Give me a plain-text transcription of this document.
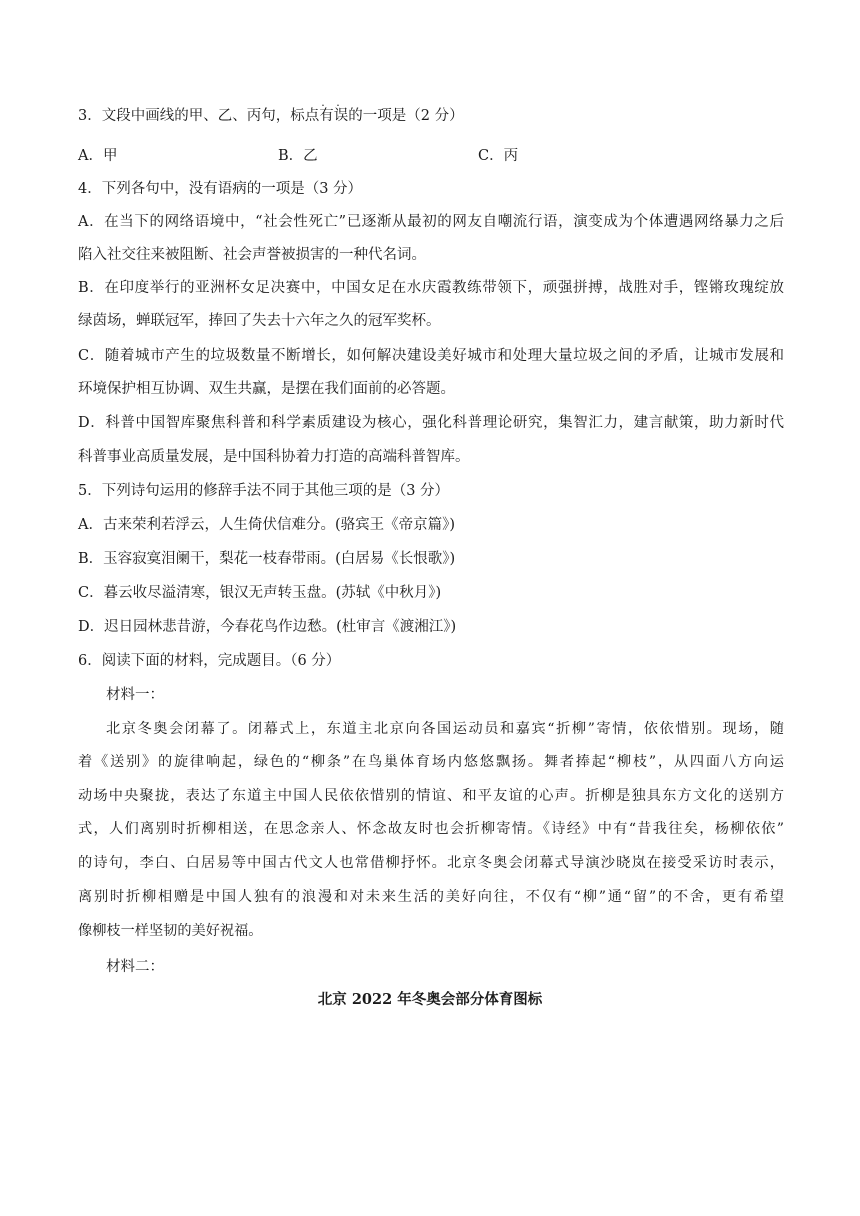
3．文段中画线的甲、乙、丙句，标点· · 有误的一项是（2 分）
A．甲	B．乙	C．丙
4．下列各句中，没有语病的一项是（3 分）
A．在当下的网络语境中，“社会性死亡”已逐渐从最初的网友自嘲流行语，演变成为个体遭遇网络暴力之后
陷入社交往来被阻断、社会声誉被损害的一种代名词。
B．在印度举行的亚洲杯女足决赛中，中国女足在水庆霞教练带领下，顽强拼搏，战胜对手，铿锵玫瑰绽放
绿茵场，蝉联冠军，捧回了失去十六年之久的冠军奖杯。
C．随着城市产生的垃圾数量不断增长，如何解决建设美好城市和处理大量垃圾之间的矛盾，让城市发展和
环境保护相互协调、双生共赢，是摆在我们面前的必答题。
D．科普中国智库聚焦科普和科学素质建设为核心，强化科普理论研究，集智汇力，建言献策，助力新时代
科普事业高质量发展，是中国科协着力打造的高端科普智库。
5．下列诗句运用的修辞手法不同于其他三项的是（3 分）
A．古来荣利若浮云，人生倚伏信难分。(骆宾王《帝京篇》)
B．玉容寂寞泪阑干，梨花一枝春带雨。(白居易《长恨歌》)
C．暮云收尽溢清寒，银汉无声转玉盘。(苏轼《中秋月》)
D．迟日园林悲昔游，今春花鸟作边愁。(杜审言《渡湘江》)
6．阅读下面的材料，完成题目。（6 分）
材料一：
北京冬奥会闭幕了。闭幕式上，东道主北京向各国运动员和嘉宾“折柳”寄情，依依惜别。现场，随
着《送别》的旋律响起，绿色的“柳条”在鸟巢体育场内悠悠飘扬。舞者捧起“柳枝”，从四面八方向运
动场中央聚拢，表达了东道主中国人民依依惜别的情谊、和平友谊的心声。折柳是独具东方文化的送别方
式，人们离别时折柳相送，在思念亲人、怀念故友时也会折柳寄情。《诗经》中有“昔我往矣，杨柳依依”
的诗句，李白、白居易等中国古代文人也常借柳抒怀。北京冬奥会闭幕式导演沙晓岚在接受采访时表示，
离别时折柳相赠是中国人独有的浪漫和对未来生活的美好向往，不仅有“柳”通“留”的不舍，更有希望
像柳枝一样坚韧的美好祝福。
材料二：
北京 2022 年冬奥会部分体育图标
